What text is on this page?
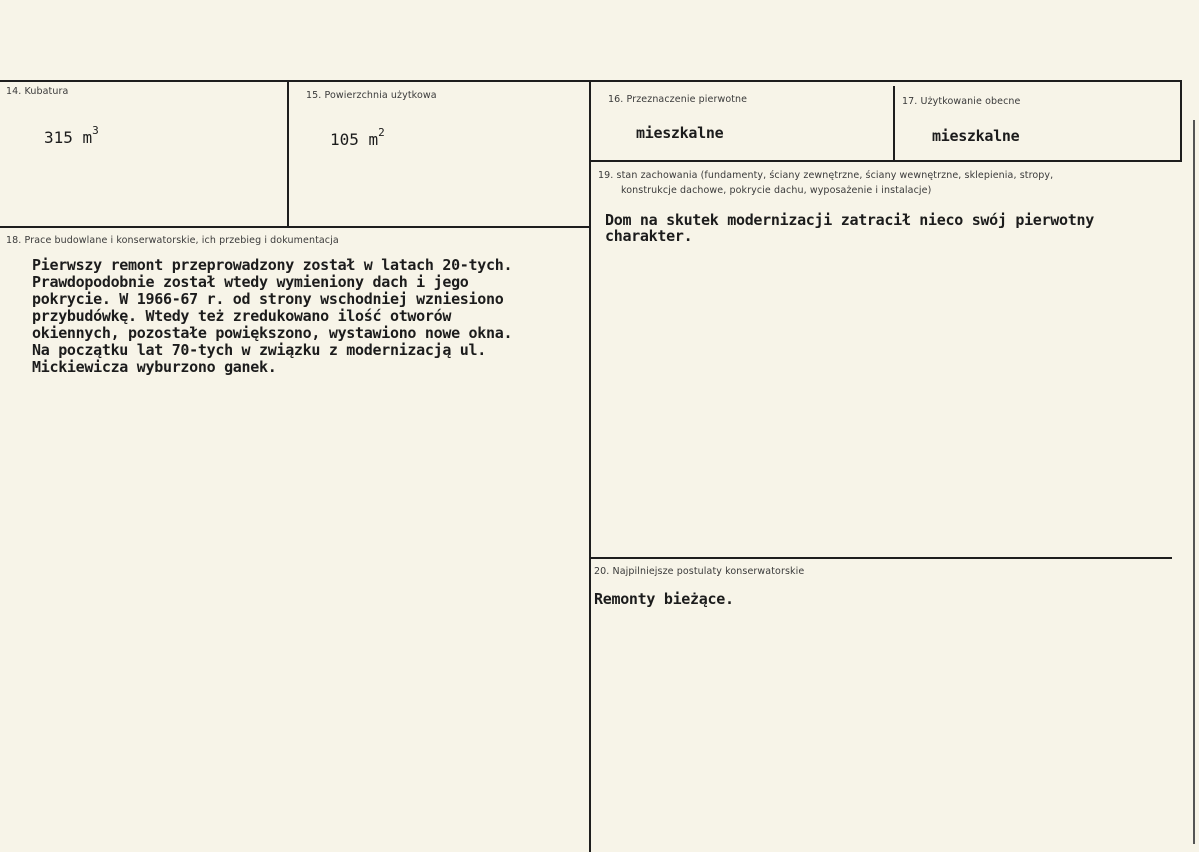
14. Kubatura
315 $m^3$
15. Powierzchnia użytkowa
105 $m^2$
16. Przeznaczenie pierwotne
mieszkalne
17. Użytkowanie obecne
mieszkalne
19. stan zachowania (fundamenty, ściany zewnętrzne, ściany wewnętrzne, sklepienia, stropy,
konstrukcje dachowe, pokrycie dachu, wyposażenie i instalacje)
Dom na skutek modernizacji zatracił nieco swój pierwotny
charakter.
18. Prace budowlane i konserwatorskie, ich przebieg i dokumentacja
Pierwszy remont przeprowadzony został w latach 20-tych.
Prawdopodobnie został wtedy wymieniony dach i jego
pokrycie. W 1966-67 r. od strony wschodniej wzniesiono
przybudówkę. Wtedy też zredukowano ilość otworów
okiennych, pozostałe powiększono, wystawiono nowe okna.
Na początku lat 70-tych w związku z modernizacją ul.
Mickiewicza wyburzono ganek.
20. Najpilniejsze postulaty konserwatorskie
Remonty bieżące.
